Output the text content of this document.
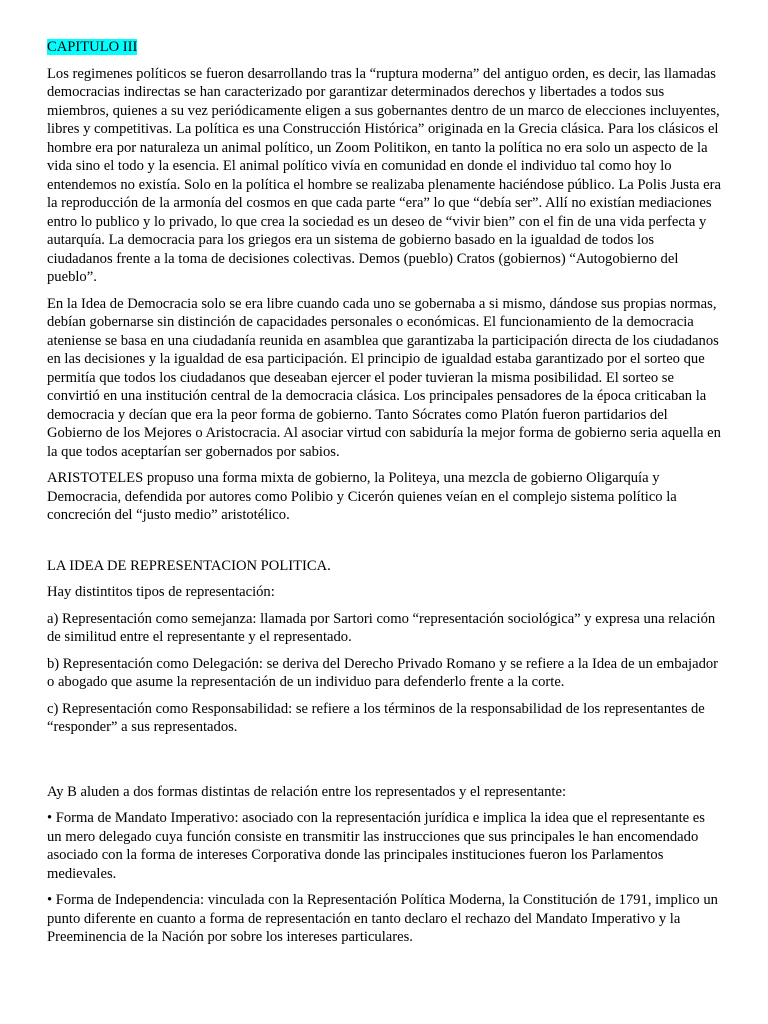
CAPITULO III

Los regimenes políticos se fueron desarrollando tras la “ruptura moderna” del antiguo orden, es decir, las llamadas democracias indirectas se han caracterizado por garantizar determinados derechos y libertades a todos sus miembros, quienes a su vez periódicamente eligen a sus gobernantes dentro de un marco de elecciones incluyentes, libres y competitivas. La política es una Construcción Histórica” originada en la Grecia clásica. Para los clásicos el hombre era por naturaleza un animal político, un Zoom Politikon, en tanto la política no era solo un aspecto de la vida sino el todo y la esencia. El animal político vivía en comunidad en donde el individuo tal como hoy lo entendemos no existía. Solo en la política el hombre se realizaba plenamente haciéndose público. La Polis Justa era la reproducción de la armonía del cosmos en que cada parte “era” lo que “debía ser”. Allí no existían mediaciones entro lo publico y lo privado, lo que crea la sociedad es un deseo de “vivir bien” con el fin de una vida perfecta y autarquía. La democracia para los griegos era un sistema de gobierno basado en la igualdad de todos los ciudadanos frente a la toma de decisiones colectivas. Demos (pueblo) Cratos (gobiernos) “Autogobierno del pueblo”.

En la Idea de Democracia solo se era libre cuando cada uno se gobernaba a si mismo, dándose sus propias normas, debían gobernarse sin distinción de capacidades personales o económicas. El funcionamiento de la democracia ateniense se basa en una ciudadanía reunida en asamblea que garantizaba la participación directa de los ciudadanos en las decisiones y la igualdad de esa participación. El principio de igualdad estaba garantizado por el sorteo que permitía que todos los ciudadanos que deseaban ejercer el poder tuvieran la misma posibilidad. El sorteo se convirtió en una institución central de la democracia clásica. Los principales pensadores de la época criticaban la democracia y decían que era la peor forma de gobierno. Tanto Sócrates como Platón fueron partidarios del Gobierno de los Mejores o Aristocracia. Al asociar virtud con sabiduría la mejor forma de gobierno seria aquella en la que todos aceptarían ser gobernados por sabios.

ARISTOTELES propuso una forma mixta de gobierno, la Politeya, una mezcla de gobierno Oligarquía y Democracia, defendida por autores como Polibio y Cicerón quienes veían en el complejo sistema político la concreción del “justo medio” aristotélico.

LA IDEA DE REPRESENTACION POLITICA.

Hay distintitos tipos de representación:

a) Representación como semejanza: llamada por Sartori como “representación sociológica” y expresa una relación de similitud entre el representante y el representado.

b) Representación como Delegación: se deriva del Derecho Privado Romano y se refiere a la Idea de un embajador o abogado que asume la representación de un individuo para defenderlo frente a la corte.

c) Representación como Responsabilidad: se refiere a los términos de la responsabilidad de los representantes de “responder” a sus representados.

Ay B aluden a dos formas distintas de relación entre los representados y el representante:

• Forma de Mandato Imperativo: asociado con la representación jurídica e implica la idea que el representante es un mero delegado cuya función consiste en transmitir las instrucciones que sus principales le han encomendado asociado con la forma de intereses Corporativa donde las principales instituciones fueron los Parlamentos medievales.

• Forma de Independencia: vinculada con la Representación Política Moderna, la Constitución de 1791, implico un punto diferente en cuanto a forma de representación en tanto declaro el rechazo del Mandato Imperativo y la Preeminencia de la Nación por sobre los intereses particulares.
